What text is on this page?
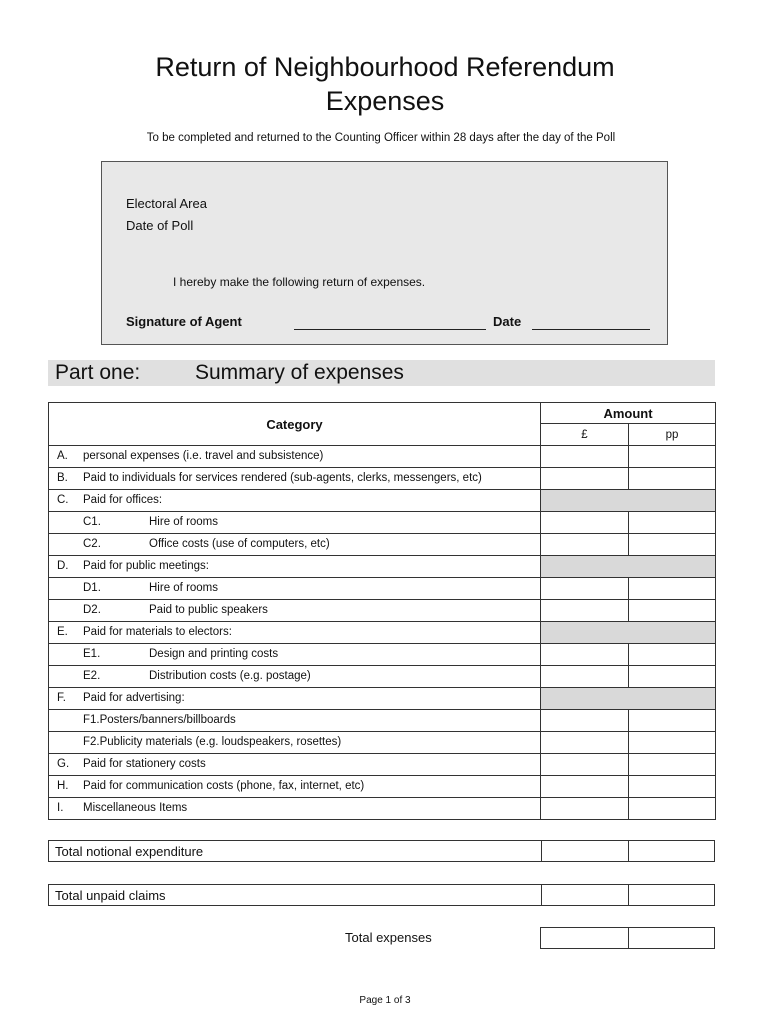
Return of Neighbourhood Referendum
Expenses
To be completed and returned to the Counting Officer within 28 days after the day of the Poll
Electoral Area
Date of Poll
I hereby make the following return of expenses.
Signature of Agent	Date
Part one:	Summary of expenses
Category	Amount	
	£	pp

A. personal expenses (i.e. travel and subsistence)		

B. Paid to individuals for services rendered (sub-agents, clerks, messengers, etc)		

C. Paid for offices:		

C1. Hire of rooms		

C2. Office costs (use of computers, etc)		

D. Paid for public meetings:		

D1. Hire of rooms		

D2. Paid to public speakers		

E. Paid for materials to electors:		

E1. Design and printing costs		

E2. Distribution costs (e.g. postage)		

F. Paid for advertising:		

F1.Posters/banners/billboards		

F2.Publicity materials (e.g. loudspeakers, rosettes)		

G. Paid for stationery costs		

H. Paid for communication costs (phone, fax, internet, etc)		

I. Miscellaneous Items		

Total notional expenditure
Total unpaid claims
Total expenses
Page 1 of 3
